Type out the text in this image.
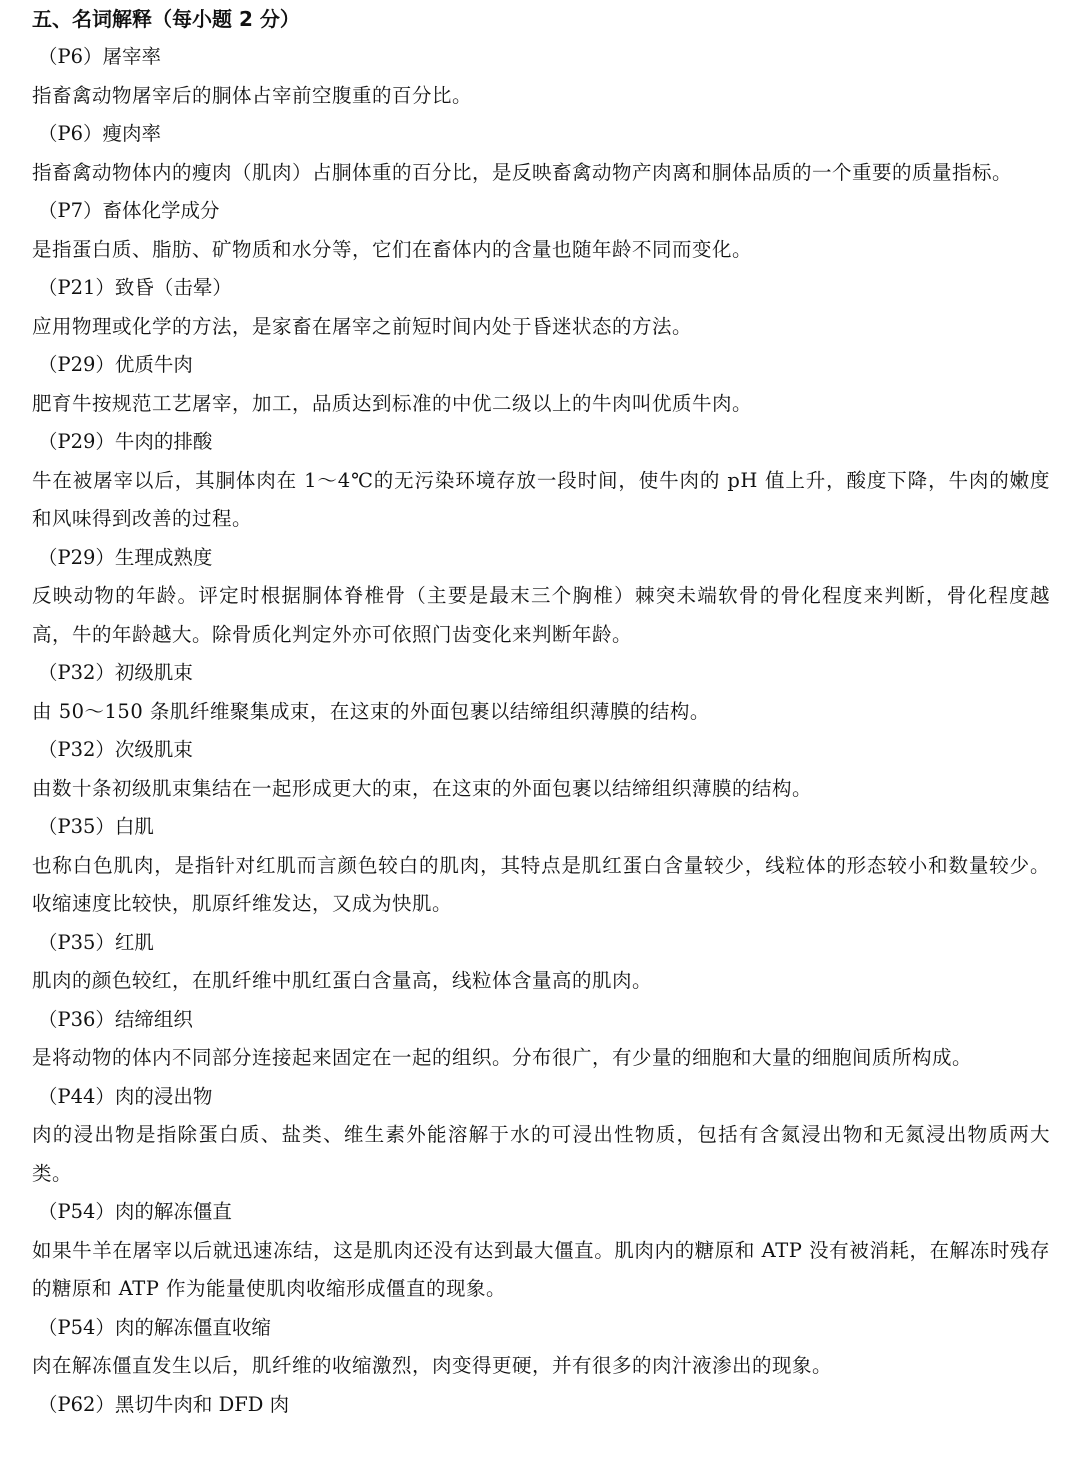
五、名词解释（每小题 2 分）

（P6）屠宰率

指畜禽动物屠宰后的胴体占宰前空腹重的百分比。

（P6）瘦肉率

指畜禽动物体内的瘦肉（肌肉）占胴体重的百分比，是反映畜禽动物产肉离和胴体品质的一个重要的质量指标。

（P7）畜体化学成分

是指蛋白质、脂肪、矿物质和水分等，它们在畜体内的含量也随年龄不同而变化。

（P21）致昏（击晕）

应用物理或化学的方法，是家畜在屠宰之前短时间内处于昏迷状态的方法。

（P29）优质牛肉

肥育牛按规范工艺屠宰，加工，品质达到标准的中优二级以上的牛肉叫优质牛肉。

（P29）牛肉的排酸

牛在被屠宰以后，其胴体肉在 1～4℃的无污染环境存放一段时间，使牛肉的 pH 值上升，酸度下降，牛肉的嫩度和风味得到改善的过程。

（P29）生理成熟度

反映动物的年龄。评定时根据胴体脊椎骨（主要是最末三个胸椎）棘突未端软骨的骨化程度来判断，骨化程度越高，牛的年龄越大。除骨质化判定外亦可依照门齿变化来判断年龄。

（P32）初级肌束

由 50～150 条肌纤维聚集成束，在这束的外面包裹以结缔组织薄膜的结构。

（P32）次级肌束

由数十条初级肌束集结在一起形成更大的束，在这束的外面包裹以结缔组织薄膜的结构。

（P35）白肌

也称白色肌肉，是指针对红肌而言颜色较白的肌肉，其特点是肌红蛋白含量较少，线粒体的形态较小和数量较少。收缩速度比较快，肌原纤维发达，又成为快肌。

（P35）红肌

肌肉的颜色较红，在肌纤维中肌红蛋白含量高，线粒体含量高的肌肉。

（P36）结缔组织

是将动物的体内不同部分连接起来固定在一起的组织。分布很广，有少量的细胞和大量的细胞间质所构成。

（P44）肉的浸出物

肉的浸出物是指除蛋白质、盐类、维生素外能溶解于水的可浸出性物质，包括有含氮浸出物和无氮浸出物质两大类。

（P54）肉的解冻僵直

如果牛羊在屠宰以后就迅速冻结，这是肌肉还没有达到最大僵直。肌肉内的糖原和 ATP 没有被消耗，在解冻时残存的糖原和 ATP 作为能量使肌肉收缩形成僵直的现象。

（P54）肉的解冻僵直收缩

肉在解冻僵直发生以后，肌纤维的收缩激烈，肉变得更硬，并有很多的肉汁液渗出的现象。

（P62）黑切牛肉和 DFD 肉
